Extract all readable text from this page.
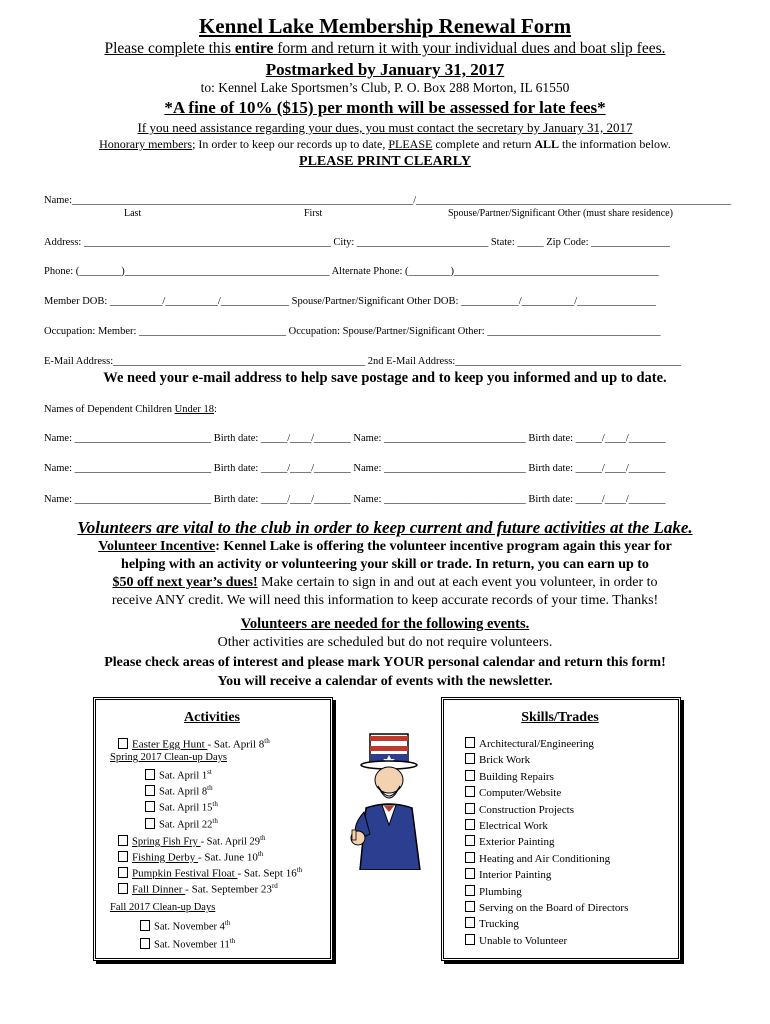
Kennel Lake Membership Renewal Form
Please complete this entire form and return it with your individual dues and boat slip fees.
Postmarked by January 31, 2017
to: Kennel Lake Sportsmen’s Club, P. O. Box 288 Morton, IL 61550
*A fine of 10% ($15) per month will be assessed for late fees*
If you need assistance regarding your dues, you must contact the secretary by January 31, 2017
Honorary members; In order to keep our records up to date, PLEASE complete and return ALL the information below.
PLEASE PRINT CLEARLY
Name:_________________________________________________________________/____________________________________________________________
Last	First	Spouse/Partner/Significant Other (must share residence)
Address: _______________________________________________ City: _________________________ State: _____ Zip Code: _______________
Phone: (________)_______________________________________ Alternate Phone: (________)_______________________________________
Member DOB: __________/__________/_____________ Spouse/Partner/Significant Other DOB: ___________/__________/_______________
Occupation: Member: ____________________________ Occupation: Spouse/Partner/Significant Other: _________________________________
E-Mail Address:________________________________________________ 2nd E-Mail Address:___________________________________________
We need your e-mail address to help save postage and to keep you informed and up to date.
Names of Dependent Children Under 18:
Name: __________________________ Birth date: _____/____/_______ Name: ___________________________ Birth date: _____/____/_______
Name: __________________________ Birth date: _____/____/_______ Name: ___________________________ Birth date: _____/____/_______
Name: __________________________ Birth date: _____/____/_______ Name: ___________________________ Birth date: _____/____/_______
Volunteers are vital to the club in order to keep current and future activities at the Lake.
Volunteer Incentive: Kennel Lake is offering the volunteer incentive program again this year for
helping with an activity or volunteering your skill or trade. In return, you can earn up to
$50 off next year’s dues! Make certain to sign in and out at each event you volunteer, in order to
receive ANY credit. We will need this information to keep accurate records of your time. Thanks!
Volunteers are needed for the following events.
Other activities are scheduled but do not require volunteers.
Please check areas of interest and please mark YOUR personal calendar and return this form!
You will receive a calendar of events with the newsletter.
Activities
Easter Egg Hunt - Sat. April 8th
Spring 2017 Clean-up Days
Sat. April 1st
Sat. April 8th
Sat. April 15th
Sat. April 22th
Spring Fish Fry - Sat. April 29th
Fishing Derby - Sat. June 10th
Pumpkin Festival Float - Sat. Sept 16th
Fall Dinner - Sat. September 23rd
Fall 2017 Clean-up Days
Sat. November 4th
Sat. November 11th
Skills/Trades
Architectural/Engineering
Brick Work
Building Repairs
Computer/Website
Construction Projects
Electrical Work
Exterior Painting
Heating and Air Conditioning
Interior Painting
Plumbing
Serving on the Board of Directors
Trucking
Unable to Volunteer
